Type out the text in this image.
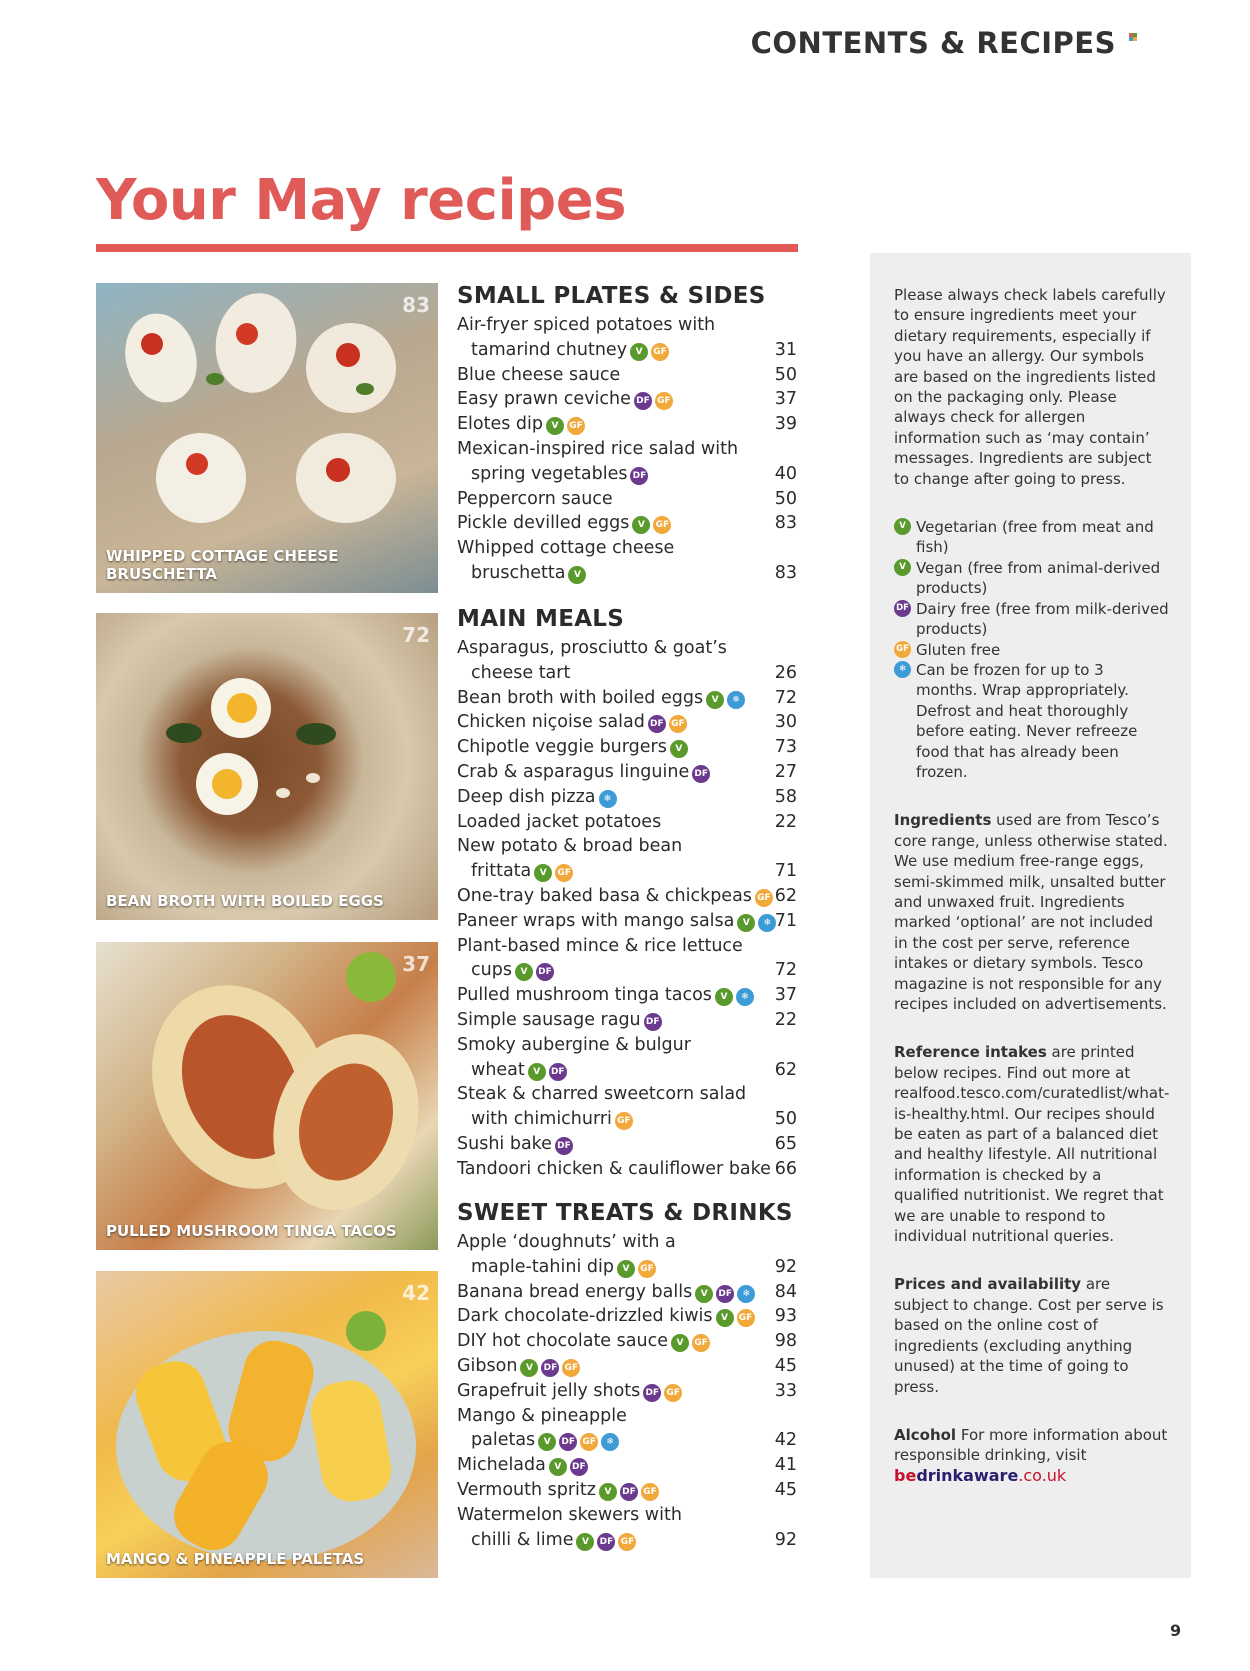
CONTENTS & RECIPES
Your May recipes
83
WHIPPED COTTAGE CHEESE BRUSCHETTA
72
BEAN BROTH WITH BOILED EGGS
37
PULLED MUSHROOM TINGA TACOS
42
MANGO & PINEAPPLE PALETAS
SMALL PLATES & SIDES
Air-fryer spiced potatoes with
tamarind chutney V GF	31
Blue cheese sauce	50
Easy prawn ceviche DF GF	37
Elotes dip V GF	39
Mexican-inspired rice salad with
spring vegetables DF	40
Peppercorn sauce	50
Pickle devilled eggs V GF	83
Whipped cottage cheese
bruschetta V	83
MAIN MEALS
Asparagus, prosciutto & goat’s
cheese tart	26
Bean broth with boiled eggs V ❄	72
Chicken niçoise salad DF GF	30
Chipotle veggie burgers V	73
Crab & asparagus linguine DF	27
Deep dish pizza ❄	58
Loaded jacket potatoes	22
New potato & broad bean
frittata V GF	71
One-tray baked basa & chickpeas GF 62
Paneer wraps with mango salsa V ❄ 71
Plant-based mince & rice lettuce
cups V DF	72
Pulled mushroom tinga tacos V ❄	37
Simple sausage ragu DF	22
Smoky aubergine & bulgur
wheat V DF	62
Steak & charred sweetcorn salad
with chimichurri GF	50
Sushi bake DF	65
Tandoori chicken & cauliflower bake 66
SWEET TREATS & DRINKS
Apple ‘doughnuts’ with a
maple-tahini dip V GF	92
Banana bread energy balls V DF ❄	84
Dark chocolate-drizzled kiwis V GF	93
DIY hot chocolate sauce V GF	98
Gibson V DF GF	45
Grapefruit jelly shots DF GF	33
Mango & pineapple
paletas V DF GF ❄	42
Michelada V DF	41
Vermouth spritz V DF GF	45
Watermelon skewers with
chilli & lime V DF GF	92
Please always check labels carefully to ensure ingredients meet your dietary requirements, especially if you have an allergy. Our symbols are based on the ingredients listed on the packaging only. Please always check for allergen information such as ‘may contain’ messages. Ingredients are subject to change after going to press.
V Vegetarian (free from meat and fish)
V Vegan (free from animal-derived products)
DF Dairy free (free from milk-derived products)
GF Gluten free
❄ Can be frozen for up to 3 months. Wrap appropriately. Defrost and heat thoroughly before eating. Never refreeze food that has already been frozen.
Ingredients used are from Tesco’s core range, unless otherwise stated. We use medium free-range eggs, semi-skimmed milk, unsalted butter and unwaxed fruit. Ingredients marked ‘optional’ are not included in the cost per serve, reference intakes or dietary symbols. Tesco magazine is not responsible for any recipes included on advertisements.
Reference intakes are printed below recipes. Find out more at realfood.tesco.com/curatedlist/what-is-healthy.html. Our recipes should be eaten as part of a balanced diet and healthy lifestyle. All nutritional information is checked by a qualified nutritionist. We regret that we are unable to respond to individual nutritional queries.
Prices and availability are subject to change. Cost per serve is based on the online cost of ingredients (excluding anything unused) at the time of going to press.
Alcohol For more information about responsible drinking, visit
bedrinkaware.co.uk
9
